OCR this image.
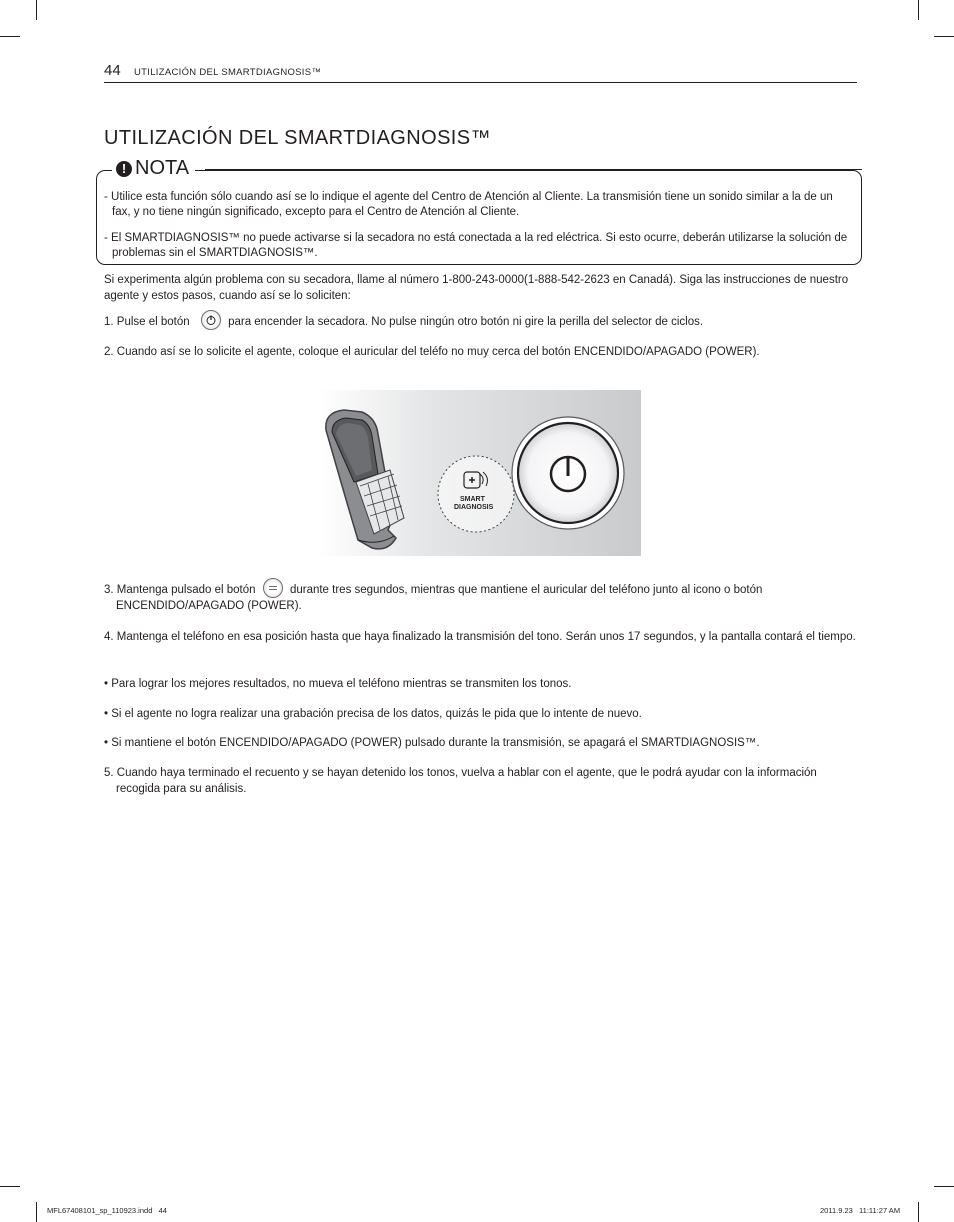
44 UTILIZACIÓN DEL SMARTDIAGNOSIS™
UTILIZACIÓN DEL SMARTDIAGNOSIS™
! NOTA

- Utilice esta función sólo cuando así se lo indique el agente del Centro de Atención al Cliente. La transmisión tiene un sonido similar a la de un fax, y no tiene ningún significado, excepto para el Centro de Atención al Cliente.

- El SMARTDIAGNOSIS™ no puede activarse si la secadora no está conectada a la red eléctrica. Si esto ocurre, deberán utilizarse la solución de problemas sin el SMARTDIAGNOSIS™.

Si experimenta algún problema con su secadora, llame al número 1-800-243-0000(1-888-542-2623 en Canadá). Siga las instrucciones de nuestro agente y estos pasos, cuando así se lo soliciten:

1. Pulse el botón	para encender la secadora. No pulse ningún otro botón ni gire la perilla del selector de ciclos.

2. Cuando así se lo solicite el agente, coloque el auricular del teléfo no muy cerca del botón ENCENDIDO/APAGADO (POWER).

SMART
DIAGNOSIS

3. Mantenga pulsado el botón	durante tres segundos, mientras que mantiene el auricular del teléfono junto al icono o botón ENCENDIDO/APAGADO (POWER).

4. Mantenga el teléfono en esa posición hasta que haya finalizado la transmisión del tono. Serán unos 17 segundos, y la pantalla contará el tiempo.

• Para lograr los mejores resultados, no mueva el teléfono mientras se transmiten los tonos.

• Si el agente no logra realizar una grabación precisa de los datos, quizás le pida que lo intente de nuevo.

• Si mantiene el botón ENCENDIDO/APAGADO (POWER) pulsado durante la transmisión, se apagará el SMARTDIAGNOSIS™.

5. Cuando haya terminado el recuento y se hayan detenido los tonos, vuelva a hablar con el agente, que le podrá ayudar con la información recogida para su análisis.

MFL67408101_sp_110923.indd   44	2011.9.23   11:11:27 AM
